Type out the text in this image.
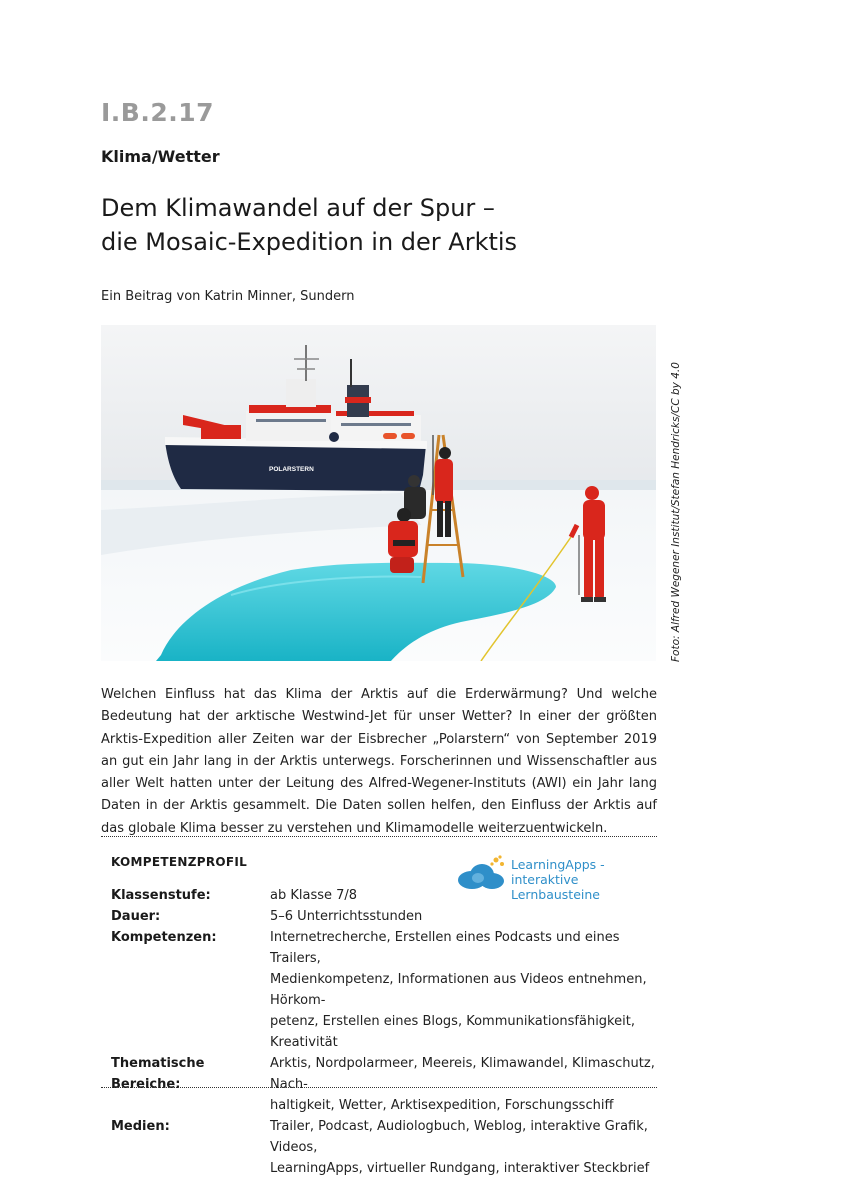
I.B.2.17
Klima/Wetter
Dem Klimawandel auf der Spur –
die Mosaic-Expedition in der Arktis
Ein Beitrag von Katrin Minner, Sundern
POLARSTERN	Foto: Alfred Wegener Institut/Stefan Hendricks/CC by 4.0

Welchen Einfluss hat das Klima der Arktis auf die Erderwärmung? Und welche Bedeutung hat der arktische Westwind-Jet für unser Wetter? In einer der größten Arktis-Expedition aller Zeiten war der Eisbrecher „Polarstern“ von September 2019 an gut ein Jahr lang in der Arktis unterwegs. Forscherinnen und Wissenschaftler aus aller Welt hatten unter der Leitung des Alfred-Wegener-Instituts (AWI) ein Jahr lang Daten in der Arktis gesammelt. Die Daten sollen helfen, den Einfluss der Arktis auf das globale Klima besser zu verstehen und Klimamodelle weiterzuentwickeln.

KOMPETENZPROFIL	LearningApps -
interaktive Lernbausteine
Klassenstufe:	ab Klasse 7/8
Dauer:	5–6 Unterrichtsstunden
Kompetenzen:	Internetrecherche, Erstellen eines Podcasts und eines Trailers,
Medienkompetenz, Informationen aus Videos entnehmen, Hörkom-
petenz, Erstellen eines Blogs, Kommunikationsfähigkeit, Kreativität
Thematische Bereiche:
Arktis, Nordpolarmeer, Meereis, Klimawandel, Klimaschutz, Nach-
haltigkeit, Wetter, Arktisexpedition, Forschungsschiff
Medien:	Trailer, Podcast, Audiologbuch, Weblog, interaktive Grafik, Videos,
LearningApps, virtueller Rundgang, interaktiver Steckbrief
